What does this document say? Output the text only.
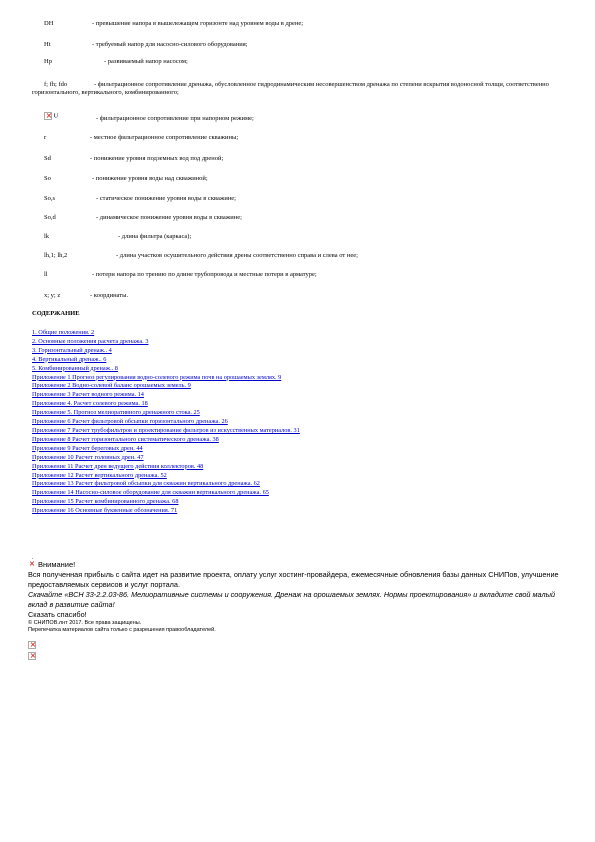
DH	- превышение напора в вышележащем горизонте над уровнем воды в дрене;
Ht	- требуемый напор для насосно-силового оборудования;
Hp	- развиваемый напор насосом;
f; fh; fdo	- фильтрационное сопротивление дренажа, обусловленное гидродинамическим несовершенством дренажа по степени вскрытия водоносной толщи, соответственно горизонтального, вертикального, комбинированного;
× U	- фильтрационное сопротивление при напорном режиме;
r	- местное фильтрационное сопротивление скважины;
Sd	- понижение уровня подземных вод под дреной;
So	- понижение уровня воды над скважиной;
So,s	- статическое понижение уровня воды в скважине;
So,d	- динамическое понижение уровня воды в скважине;
lk	- длина фильтра (каркаса);
lh,1; lh,2	- длина участков осушительного действия дрены соответственно справа и слева от нее;
ll	- потери напора по трению по длине трубопровода и местные потери в арматуре;
x; y; z	- координаты.
СОДЕРЖАНИЕ
1. Общие положения. 2
2. Основные положения расчета дренажа. 3
3. Горизонтальный дренаж.. 4
4. Вертикальный дренаж.. 6
5. Комбинированный дренаж.. 8
Приложение 1 Прогноз регулирования водно-солевого режима почв на орошаемых землях. 9
Приложение 2 Водно-солевой баланс орошаемых земель. 9
Приложение 3 Расчет водного режима. 14
Приложение 4. Расчет солевого режима. 18
Приложение 5. Прогноз мелиоративного дренажного стока. 25
Приложение 6 Расчет фильтровой обсыпки горизонтального дренажа. 26
Приложение 7 Расчет трубофильтров и проектирование фильтров из искусственных материалов. 31
Приложение 8 Расчет горизонтального систематического дренажа. 38
Приложение 9 Расчет береговых дрен. 44
Приложение 10 Расчет головных дрен. 47
Приложение 11 Расчет дрен ведущего действия коллекторов. 48
Приложение 12 Расчет вертикального дренажа. 52
Приложение 13 Расчет фильтровой обсыпки для скважин вертикального дренажа. 62
Приложение 14 Насосно-силовое оборудование для скважин вертикального дренажа. 65
Приложение 15 Расчет комбинированного дренажа. 68
Приложение 16 Основные буквенные обозначения. 71
×
Внимание!

Вся полученная прибыль с сайта идет на развитие проекта, оплату услуг хостинг-провайдера, ежемесячные обновления базы данных СНИПов, улучшение предоставляемых сервисов и услуг портала.

Скачайте «ВСН 33-2.2.03-86. Мелиоративные системы и сооружения. Дренаж на орошаемых землях. Нормы проектирования» и вкладите свой малый вклад в развитие сайта!

Сказать спасибо!

© СНИПОВ.лнт 2017. Все права защищены.

Перепечатка материалов сайта только с разрешения правообладателей.

×
×
